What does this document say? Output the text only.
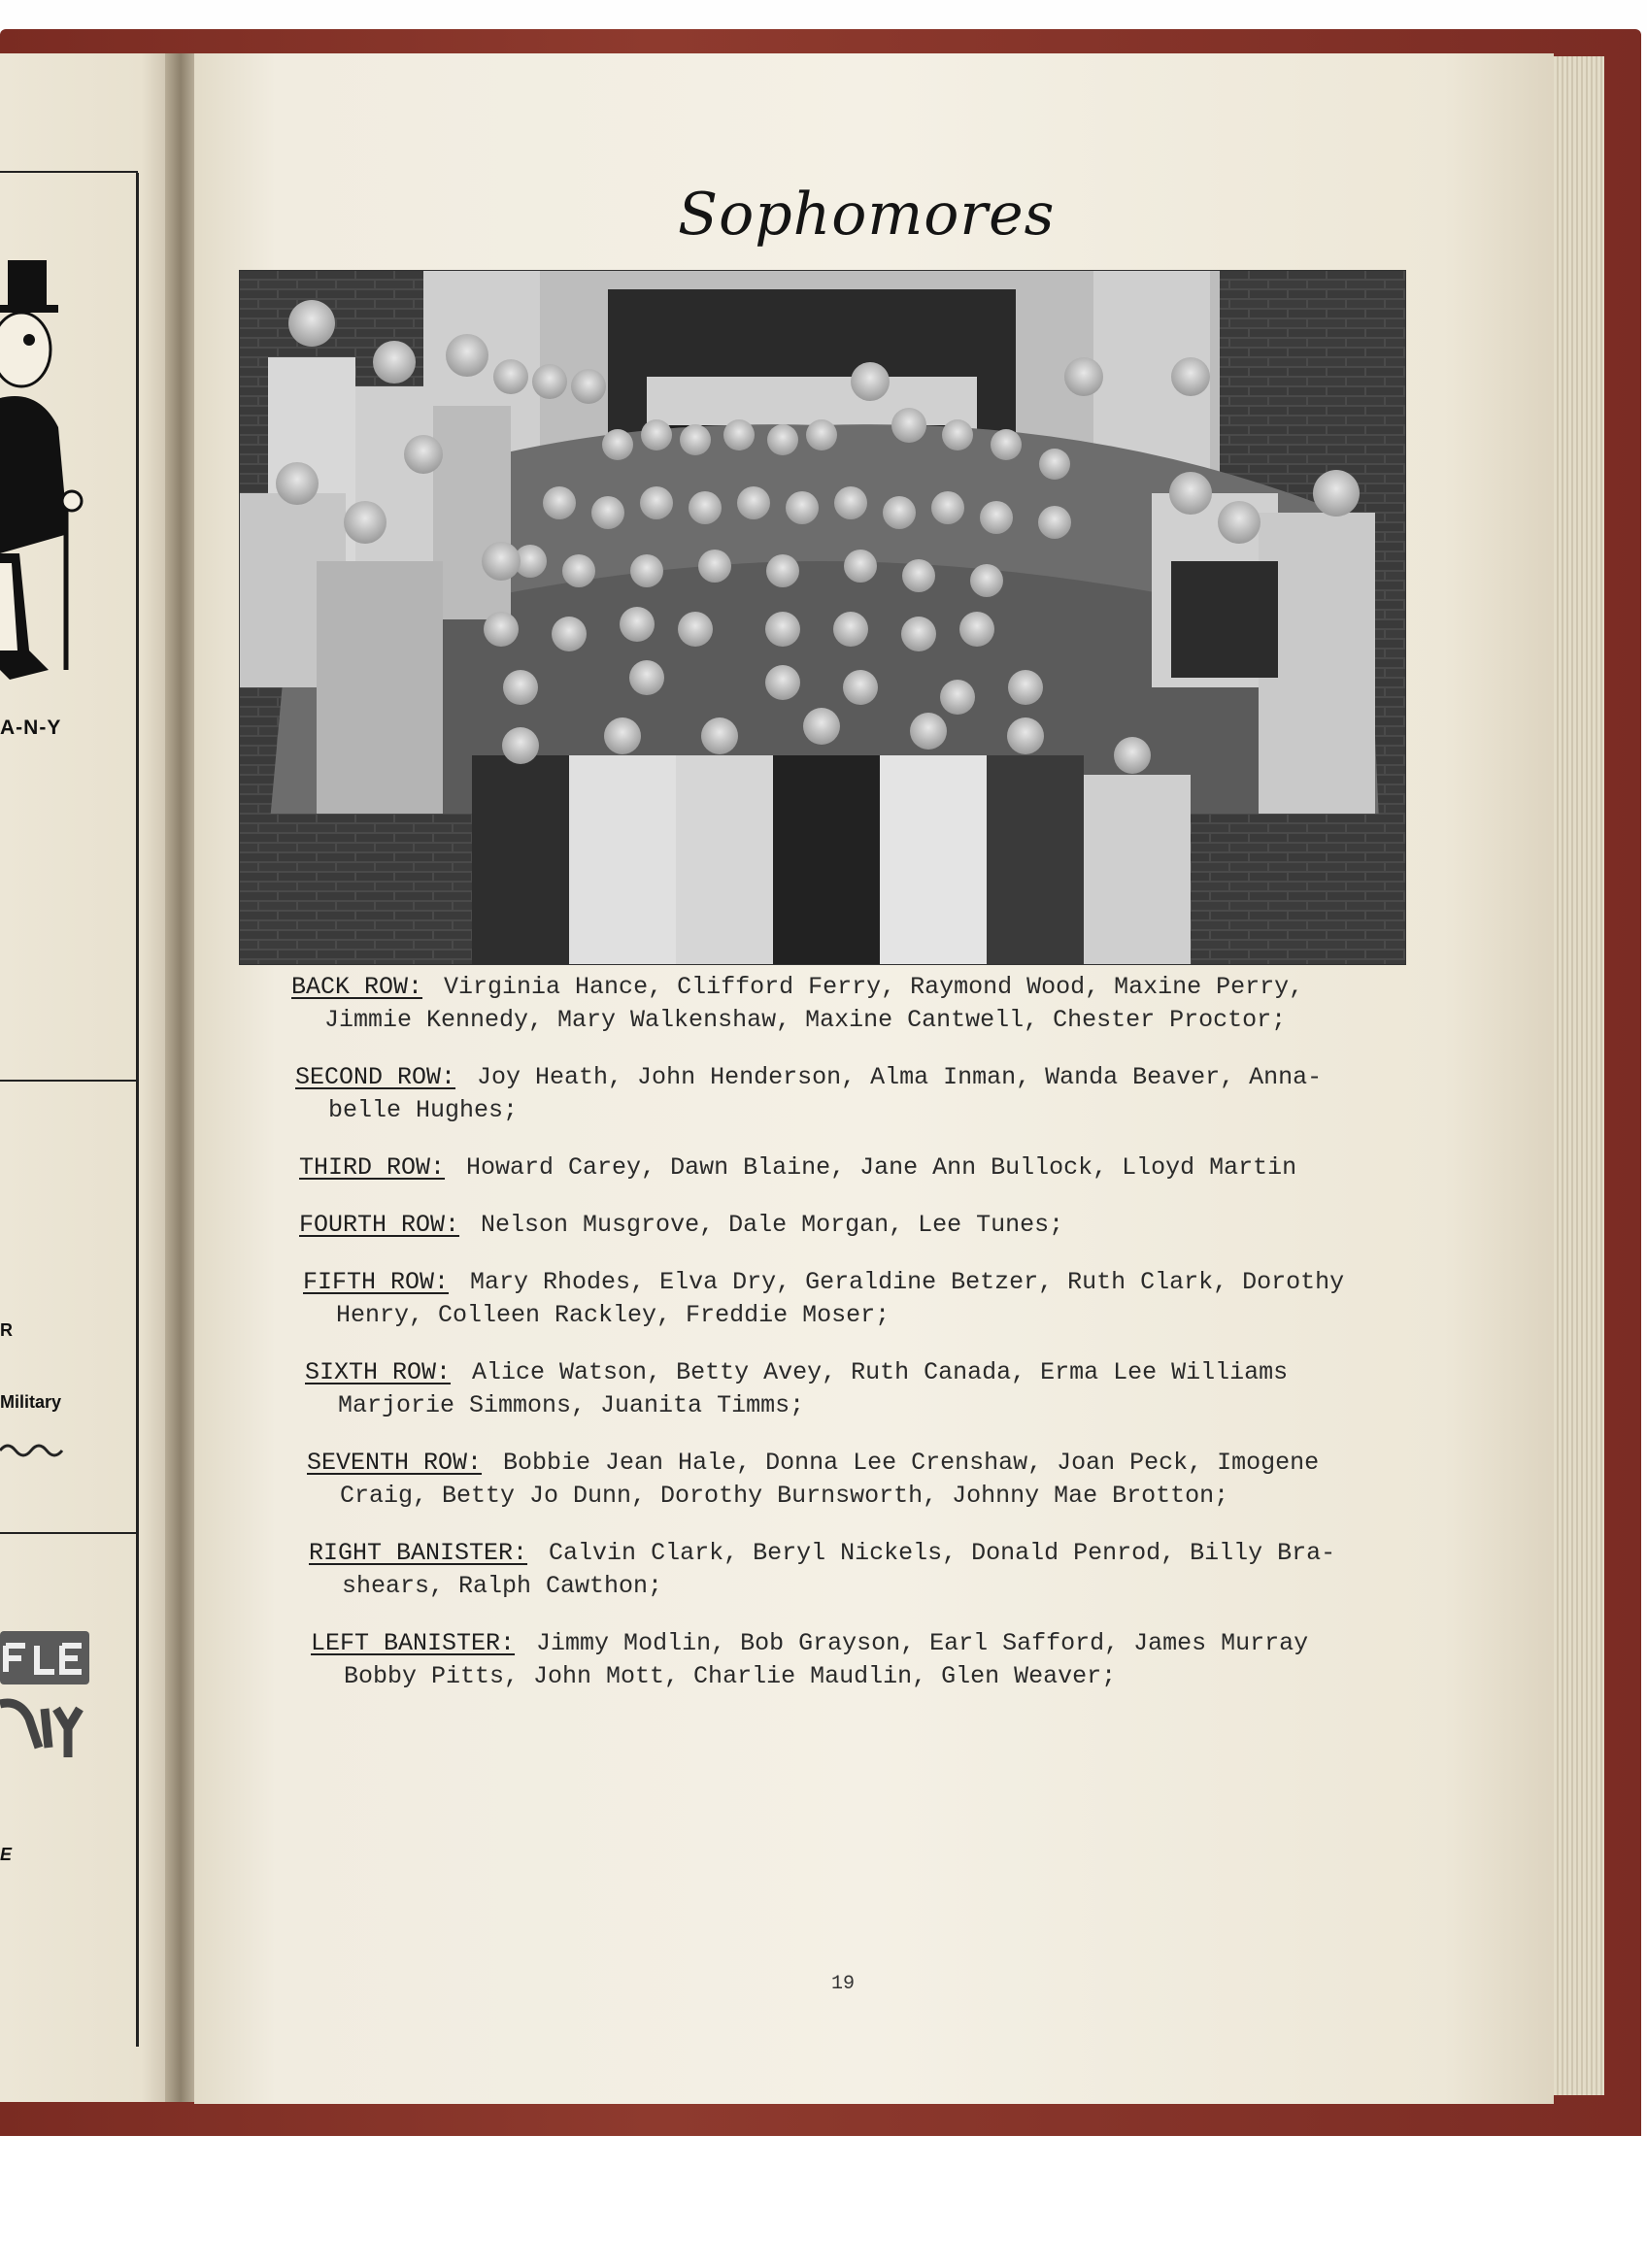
A-N-Y
R
Military
E
Sophomores
BACK ROW: Virginia Hance, Clifford Ferry, Raymond Wood, Maxine Perry,
Jimmie Kennedy, Mary Walkenshaw, Maxine Cantwell, Chester Proctor;
SECOND ROW: Joy Heath, John Henderson, Alma Inman, Wanda Beaver, Anna-
belle Hughes;
THIRD ROW: Howard Carey, Dawn Blaine, Jane Ann Bullock, Lloyd Martin
FOURTH ROW: Nelson Musgrove, Dale Morgan, Lee Tunes;
FIFTH ROW: Mary Rhodes, Elva Dry, Geraldine Betzer, Ruth Clark, Dorothy
Henry, Colleen Rackley, Freddie Moser;
SIXTH ROW: Alice Watson, Betty Avey, Ruth Canada, Erma Lee Williams
Marjorie Simmons, Juanita Timms;
SEVENTH ROW: Bobbie Jean Hale, Donna Lee Crenshaw, Joan Peck, Imogene
Craig, Betty Jo Dunn, Dorothy Burnsworth, Johnny Mae Brotton;
RIGHT BANISTER: Calvin Clark, Beryl Nickels, Donald Penrod, Billy Bra-
shears, Ralph Cawthon;
LEFT BANISTER: Jimmy Modlin, Bob Grayson, Earl Safford, James Murray
Bobby Pitts, John Mott, Charlie Maudlin, Glen Weaver;
19
